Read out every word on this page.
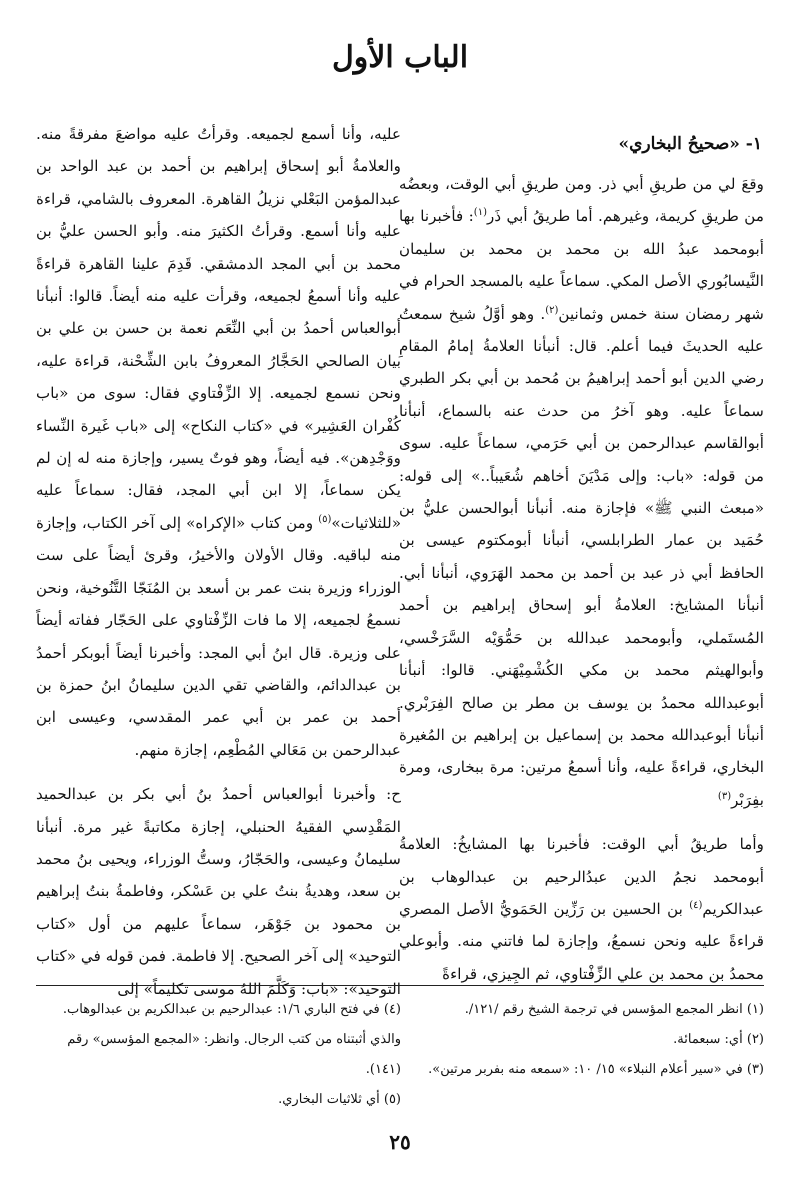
الباب الأول
١- «صحيحُ البخاري»

وقعَ لي من طريقِ أبي ذر. ومن طريقِ أبي الوقت، وبعضُه من طريقِ كريمة، وغيرهم. أما طريقُ أبي ذَر$^{(١)}$: فأخبرنا بها أبومحمد عبدُ الله بن محمد بن محمد بن سليمان النَّيسابُوري الأصل المكي. سماعاً عليه بالمسجد الحرام في شهر رمضان سنة خمس وثمانين$^{(٢)}$. وهو أوَّلُ شيخ سمعتُ عليه الحديثَ فيما أعلم. قال: أنبأنا العلامةُ إمامُ المقامِ رضي الدين أبو أحمد إبراهيمُ بن مُحمد بن أبي بكر الطبري سماعاً عليه. وهو آخرُ من حدث عنه بالسماع، أنبأنا أبوالقاسم عبدالرحمن بن أبي حَرَمي، سماعاً عليه. سوى من قوله: «باب: وإلى مَدْيَنَ أخاهم شُعَيباً..» إلى قوله: «مبعث النبي ﷺ» فإجازة منه. أنبأنا أبوالحسن عليُّ بن حُمَيد بن عمار الطرابلسي، أنبأنا أبومكتوم عيسى بن الحافظ أبي ذر عبد بن أحمد بن محمد الهَرَوي، أنبأنا أبي. أنبأنا المشايخ: العلامةُ أبو إسحاق إبراهيم بن أحمد المُستَملي، وأبومحمد عبدالله بن حَمُّوَيْه السَّرَخْسي، وأبوالهيثم محمد بن مكي الكُشْمِيْهَني. قالوا: أنبأنا أبوعبدالله محمدُ بن يوسف بن مطر بن صالح الفِرَبْري. أنبأنا أبوعبدالله محمد بن إسماعيل بن إبراهيم بن المُغيرة البخاري، قراءةً عليه، وأنا أسمعُ مرتين: مرة ببخارى، ومرة بفِرَبْر$^{(٣)}$

وأما طريقُ أبي الوقت: فأخبرنا بها المشايخُ: العلامةُ أبومحمد نجمُ الدين عبدُالرحيم بن عبدالوهاب بن عبدالكريم$^{(٤)}$ بن الحسين بن رَزِّين الحَمَويُّ الأصل المصري قراءةً عليه ونحن نسمعُ، وإجازة لما فاتني منه. وأبوعلي محمدُ بن محمد بن علي الزِّفْتاوي، ثم الجِيزي، قراءةً

عليه، وأنا أسمع لجميعه. وقرأتُ عليه مواضعَ مفرقةً منه. والعلامةُ أبو إسحاق إبراهيم بن أحمد بن عبد الواحد بن عبدالمؤمن البَعْلي نزيلُ القاهرة. المعروف بالشامي، قراءة عليه وأنا أسمع. وقرأتُ الكثيرَ منه. وأبو الحسن عليُّ بن محمد بن أبي المجد الدمشقي. قَدِمَ علينا القاهرة قراءةً عليه وأنا أسمعُ لجميعه، وقرأت عليه منه أيضاً. قالوا: أنبأنا أبوالعباس أحمدُ بن أبي النِّعَم نعمة بن حسن بن علي بن بيان الصالحي الحَجَّارُ المعروفُ بابن الشِّحْنة، قراءة عليه، ونحن نسمع لجميعه. إلا الزِّفْتاوي فقال: سوى من «باب كُفْران العَشِير» في «كتاب النكاح» إلى «باب غَيرة النِّساء ووَجْدِهن». فيه أيضاً، وهو فوتٌ يسير، وإجازة منه له إن لم يكن سماعاً، إلا ابن أبي المجد، فقال: سماعاً عليه «للثلاثيات»$^{(٥)}$ ومن كتاب «الإكراه» إلى آخر الكتاب، وإجازة منه لباقيه. وقال الأولان والأخيرُ، وقرئ أيضاً على ست الوزراء وزيرة بنت عمر بن أسعد بن المُنَجّا التَّنُوخية، ونحن نسمعُ لجميعه، إلا ما فات الزِّفْتاوي على الحَجّار ففاته أيضاً على وزيرة. قال ابنُ أبي المجد: وأخبرنا أيضاً أبوبكر أحمدُ بن عبدالدائم، والقاضي تقي الدين سليمانُ ابنُ حمزة بن أحمد بن عمر بن أبي عمر المقدسي، وعيسى ابن عبدالرحمن بن مَعَالي المُطْعِم، إجازة منهم.

ح: وأخبرنا أبوالعباس أحمدُ بنُ أبي بكر بن عبدالحميد المَقْدِسي الفقيهُ الحنبلي، إجازة مكاتبةً غير مرة. أنبأنا سليمانُ وعيسى، والحَجّارُ، وستُّ الوزراء، ويحيى بنُ محمد بن سعد، وهديةُ بنتُ علي بن عَسْكر، وفاطمةُ بنتُ إبراهيم بن محمود بن جَوْهَر، سماعاً عليهم من أول «كتاب التوحيد» إلى آخر الصحيح. إلا فاطمة. فمن قوله في «كتاب التوحيد»: «باب: وَكَلَّمَ اللهُ موسى تكليماً» إلى

(١) انظر المجمع المؤسس في ترجمة الشيخ رقم /١٢١/.

(٢) أي: سبعمائة.

(٣) في «سير أعلام النبلاء» ١٥/ ١٠: «سمعه منه بفربر مرتين».

(٤) في فتح الباري ١/٦: عبدالرحيم بن عبدالكريم بن عبدالوهاب. والذي أثبتناه من كتب الرجال. وانظر: «المجمع المؤسس» رقم (١٤١).

(٥) أي ثلاثيات البخاري.

٢٥
